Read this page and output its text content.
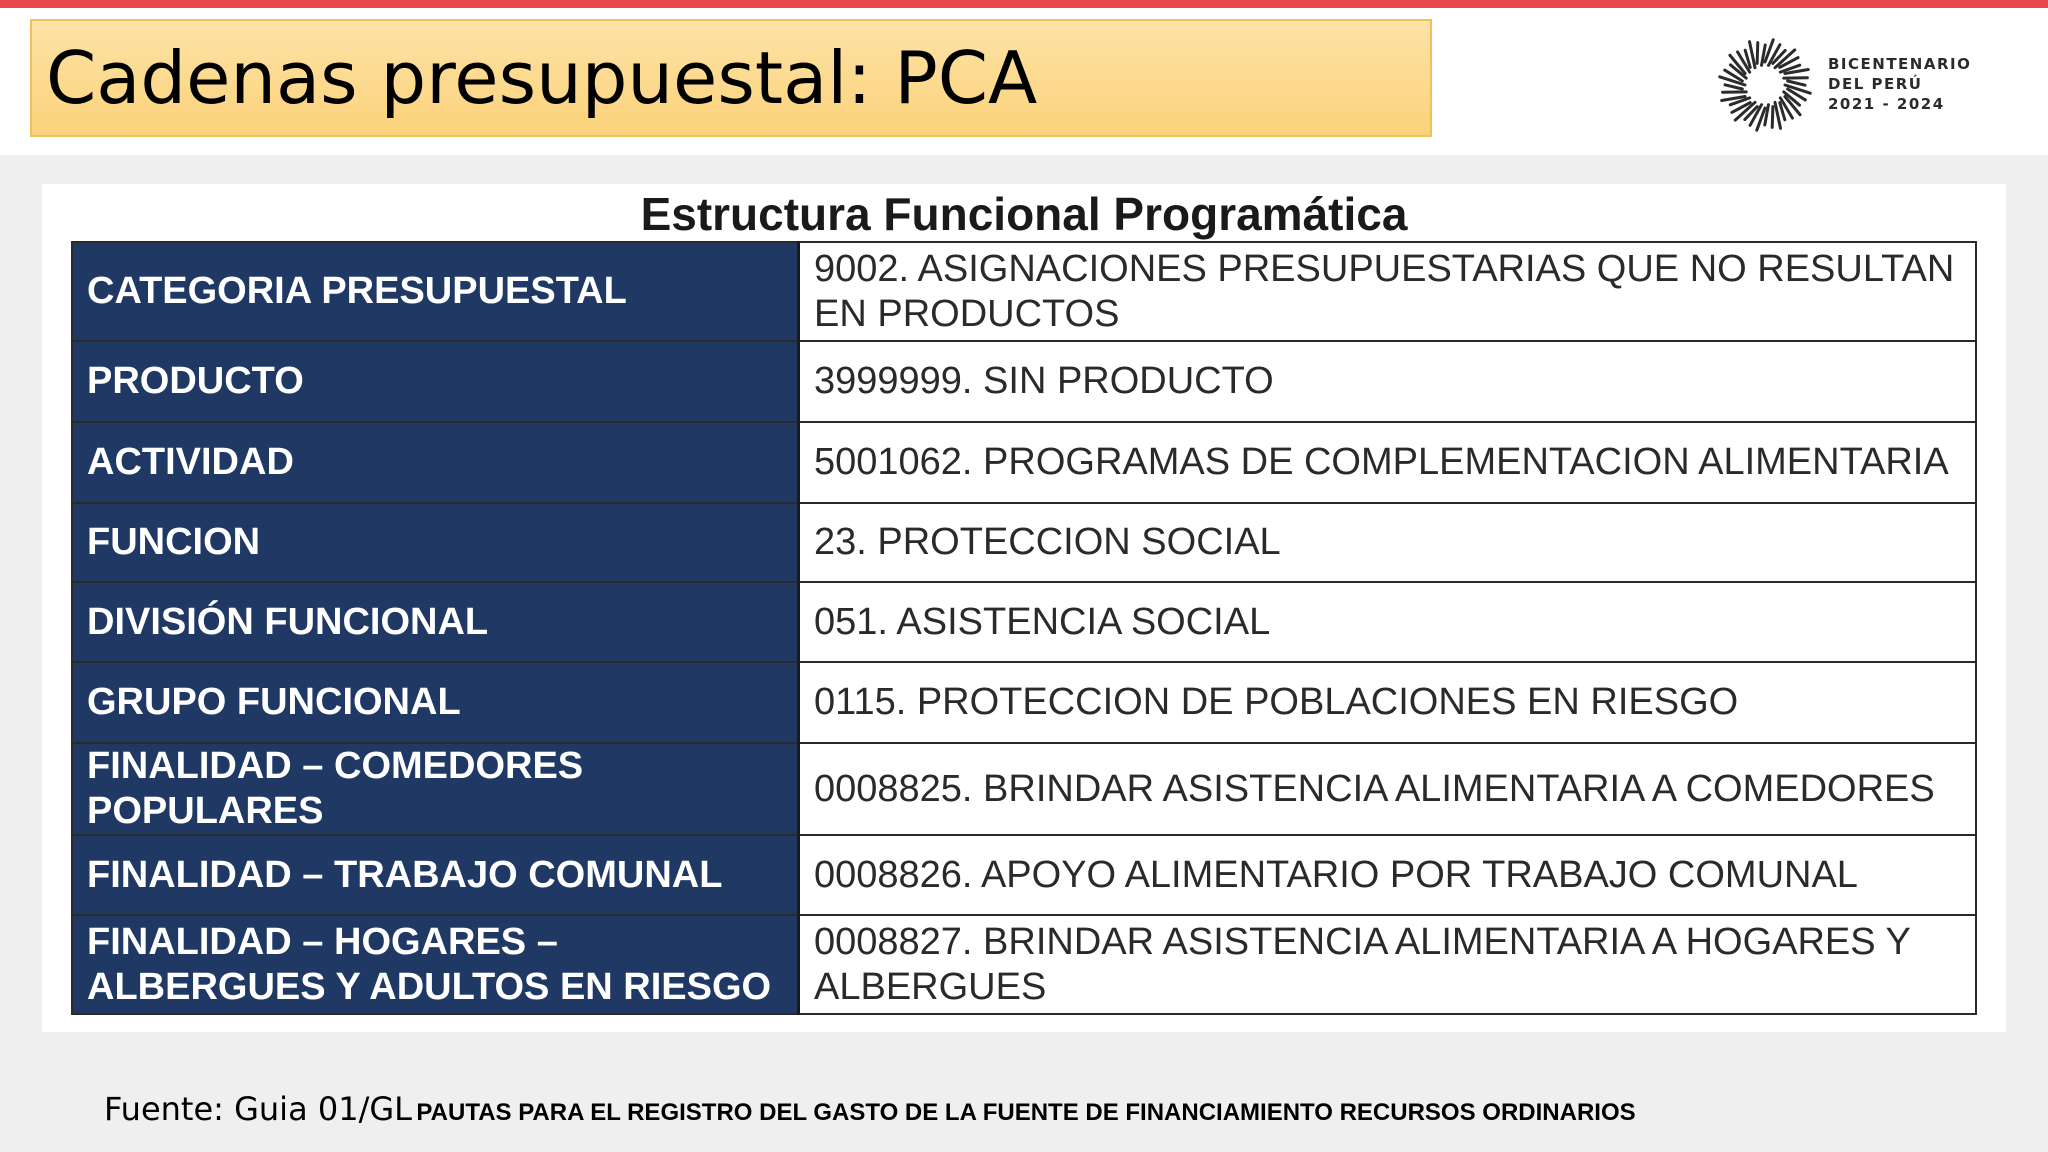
Cadenas presupuestal: PCA	BICENTENARIO
DEL PERÚ
2021 - 2024
Estructura Funcional Programática
CATEGORIA PRESUPUESTAL	9002. ASIGNACIONES PRESUPUESTARIAS QUE NO RESULTAN EN PRODUCTOS
PRODUCTO	3999999. SIN PRODUCTO
ACTIVIDAD	5001062. PROGRAMAS DE COMPLEMENTACION ALIMENTARIA
FUNCION	23. PROTECCION SOCIAL
DIVISIÓN FUNCIONAL	051. ASISTENCIA SOCIAL
GRUPO FUNCIONAL	0115. PROTECCION DE POBLACIONES EN RIESGO
FINALIDAD – COMEDORES POPULARES	0008825. BRINDAR ASISTENCIA ALIMENTARIA A COMEDORES
FINALIDAD – TRABAJO COMUNAL	0008826. APOYO ALIMENTARIO POR TRABAJO COMUNAL
FINALIDAD – HOGARES – ALBERGUES Y ADULTOS EN RIESGO	0008827. BRINDAR ASISTENCIA ALIMENTARIA A HOGARES Y ALBERGUES
Fuente: Guia 01/GL PAUTAS PARA EL REGISTRO DEL GASTO DE LA FUENTE DE FINANCIAMIENTO RECURSOS ORDINARIOS
